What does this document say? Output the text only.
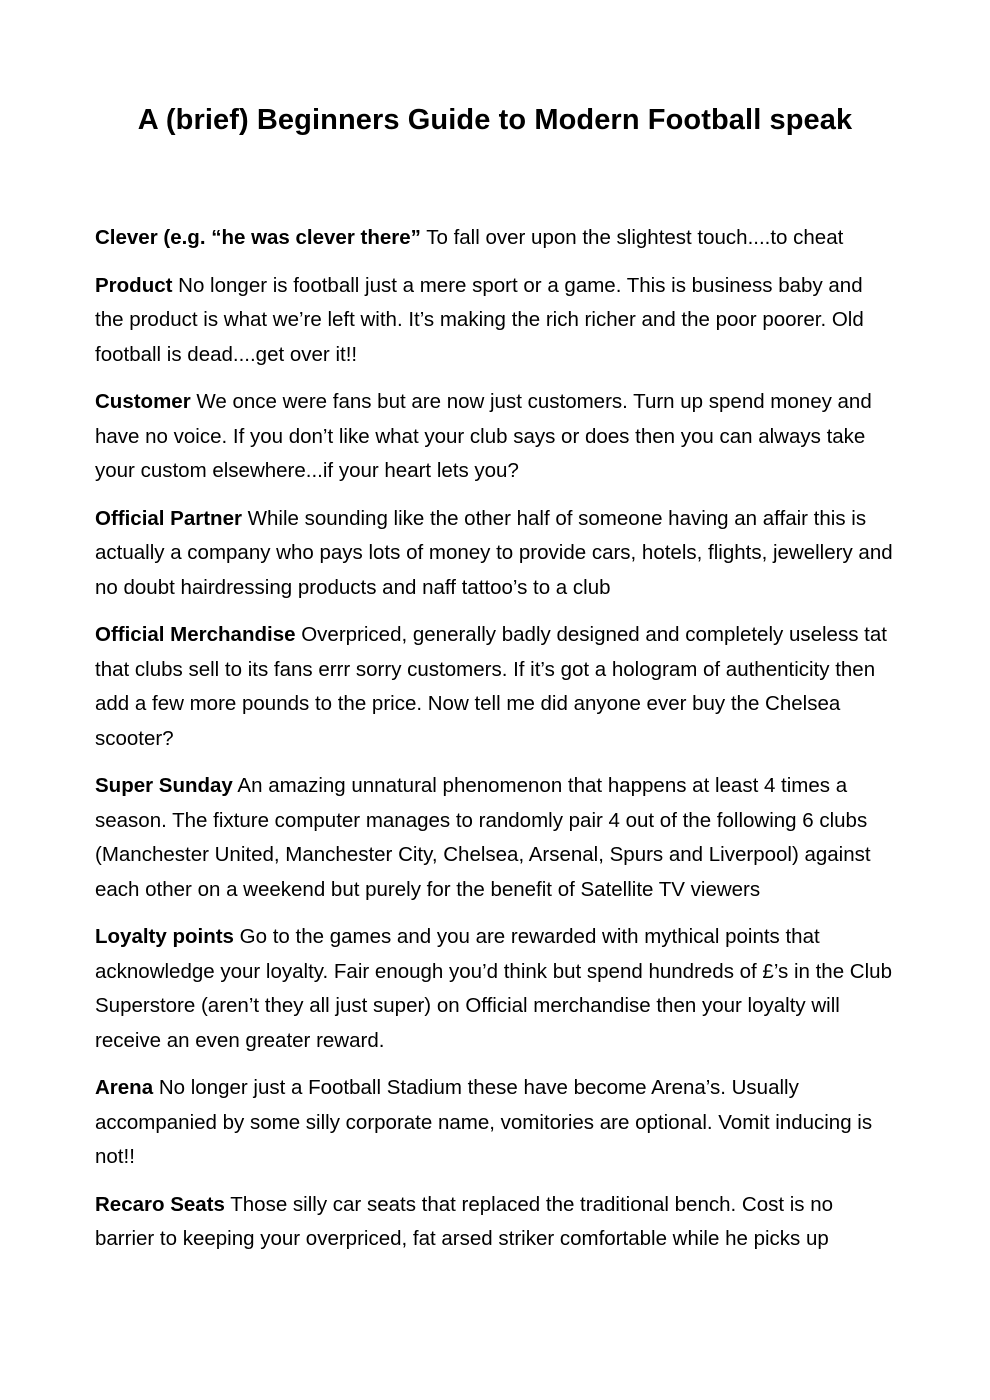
A (brief) Beginners Guide to Modern Football speak

Clever (e.g. “he was clever there” To fall over upon the slightest touch....to cheat

Product No longer is football just a mere sport or a game. This is business baby and the product is what we’re left with. It’s making the rich richer and the poor poorer. Old football is dead....get over it!!

Customer We once were fans but are now just customers. Turn up spend money and have no voice. If you don’t like what your club says or does then you can always take your custom elsewhere...if your heart lets you?

Official Partner While sounding like the other half of someone having an affair this is actually a company who pays lots of money to provide cars, hotels, flights, jewellery and no doubt hairdressing products and naff tattoo’s to a club

Official Merchandise Overpriced, generally badly designed and completely useless tat that clubs sell to its fans errr sorry customers. If it’s got a hologram of authenticity then add a few more pounds to the price. Now tell me did anyone ever buy the Chelsea scooter?

Super Sunday An amazing unnatural phenomenon that happens at least 4 times a season. The fixture computer manages to randomly pair 4 out of the following 6 clubs (Manchester United, Manchester City, Chelsea, Arsenal, Spurs and Liverpool) against each other on a weekend but purely for the benefit of Satellite TV viewers

Loyalty points Go to the games and you are rewarded with mythical points that acknowledge your loyalty. Fair enough you’d think but spend hundreds of £’s in the Club Superstore (aren’t they all just super) on Official merchandise then your loyalty will receive an even greater reward.

Arena No longer just a Football Stadium these have become Arena’s. Usually accompanied by some silly corporate name, vomitories are optional. Vomit inducing is not!!

Recaro Seats Those silly car seats that replaced the traditional bench. Cost is no barrier to keeping your overpriced, fat arsed striker comfortable while he picks up
